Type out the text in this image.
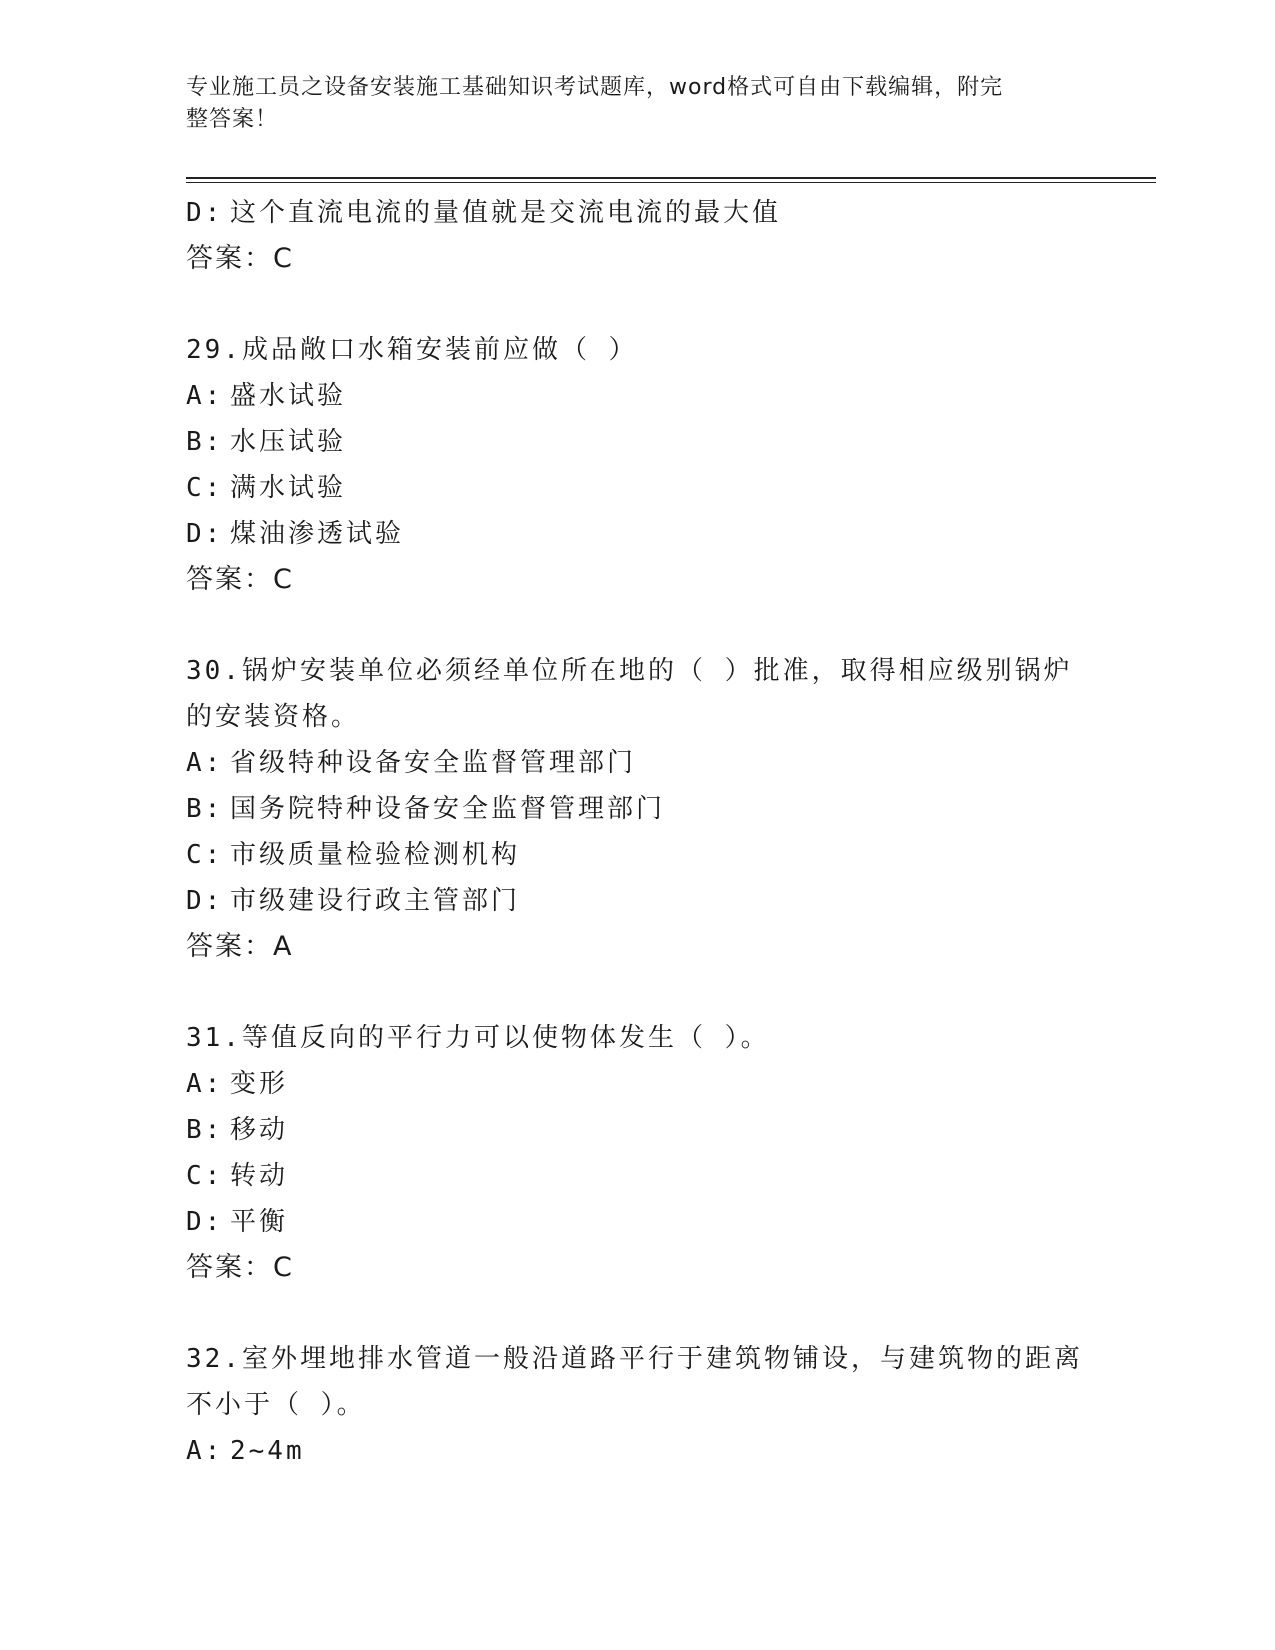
专业施工员之设备安装施工基础知识考试题库，word格式可自由下载编辑，附完
整答案！
D: 这个直流电流的量值就是交流电流的最大值
答案：C
29.成品敞口水箱安装前应做（ ）
A: 盛水试验
B: 水压试验
C: 满水试验
D: 煤油渗透试验
答案：C
30.锅炉安装单位必须经单位所在地的（ ）批准，取得相应级别锅炉
的安装资格。
A: 省级特种设备安全监督管理部门
B: 国务院特种设备安全监督管理部门
C: 市级质量检验检测机构
D: 市级建设行政主管部门
答案：A
31.等值反向的平行力可以使物体发生（ ）。
A: 变形
B: 移动
C: 转动
D: 平衡
答案：C
32.室外埋地排水管道一般沿道路平行于建筑物铺设，与建筑物的距离
不小于（ ）。
A: 2~4m
